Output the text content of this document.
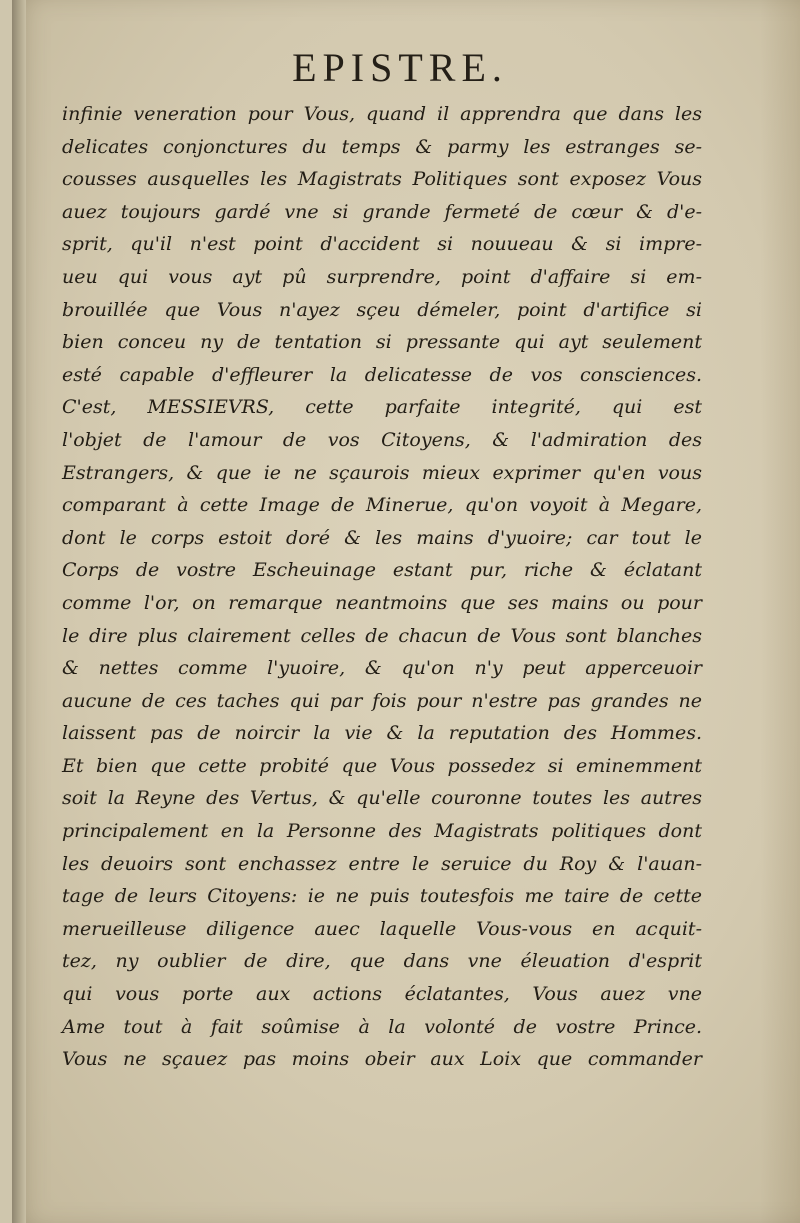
EPISTRE.
infinie veneration pour Vous, quand il apprendra que dans les
delicates conjonctures du temps & parmy les estranges se-
cousses ausquelles les Magistrats Politiques sont exposez Vous
auez toujours gardé vne si grande fermeté de cœur & d'e-
sprit, qu'il n'est point d'accident si nouueau & si impre-
ueu qui vous ayt pû surprendre, point d'affaire si em-
brouillée que Vous n'ayez sçeu démeler, point d'artifice si
bien conceu ny de tentation si pressante qui ayt seulement
esté capable d'effleurer la delicatesse de vos consciences.
C'est, MESSIEVRS, cette parfaite integrité, qui est
l'objet de l'amour de vos Citoyens, & l'admiration des
Estrangers, & que ie ne sçaurois mieux exprimer qu'en vous
comparant à cette Image de Minerue, qu'on voyoit à Megare,
dont le corps estoit doré & les mains d'yuoire; car tout le
Corps de vostre Escheuinage estant pur, riche & éclatant
comme l'or, on remarque neantmoins que ses mains ou pour
le dire plus clairement celles de chacun de Vous sont blanches
& nettes comme l'yuoire, & qu'on n'y peut apperceuoir
aucune de ces taches qui par fois pour n'estre pas grandes ne
laissent pas de noircir la vie & la reputation des Hommes.
Et bien que cette probité que Vous possedez si eminemment
soit la Reyne des Vertus, & qu'elle couronne toutes les autres
principalement en la Personne des Magistrats politiques dont
les deuoirs sont enchassez entre le seruice du Roy & l'auan-
tage de leurs Citoyens: ie ne puis toutesfois me taire de cette
merueilleuse diligence auec laquelle Vous-vous en acquit-
tez, ny oublier de dire, que dans vne éleuation d'esprit
qui vous porte aux actions éclatantes, Vous auez vne
Ame tout à fait soûmise à la volonté de vostre Prince.
Vous ne sçauez pas moins obeir aux Loix que commander
